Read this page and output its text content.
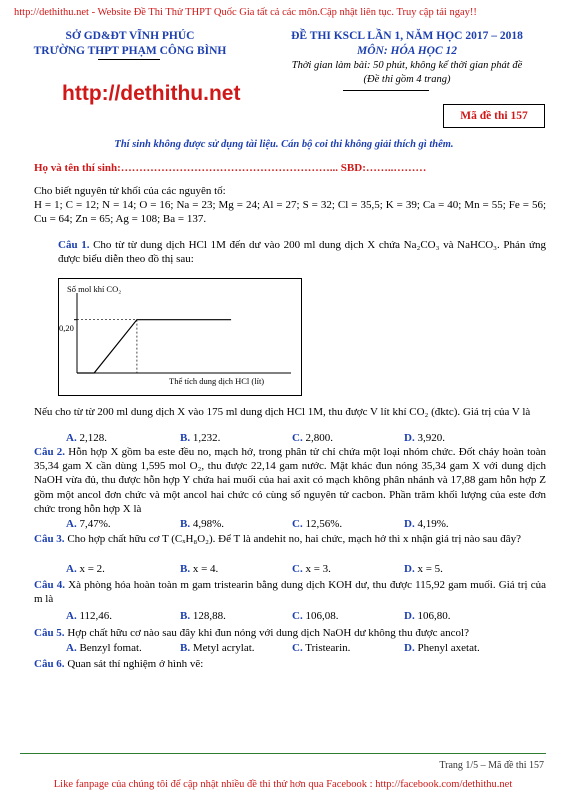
http://dethithu.net - Website Đề Thi Thử THPT Quốc Gia tất cả các môn.Cập nhật liên tục. Truy cập tải ngay!!
SỞ GD&ĐT VĨNH PHÚC
TRƯỜNG THPT PHẠM CÔNG BÌNH
ĐỀ THI KSCL LẦN 1, NĂM HỌC 2017 – 2018
MÔN: HÓA HỌC 12
Thời gian làm bài: 50 phút, không kể thời gian phát đề
(Đề thi gồm 4 trang)
http://dethithu.net
Mã đề thi 157
Thí sinh không được sử dụng tài liệu. Cán bộ coi thi không giải thích gì thêm.
Họ và tên thí sinh:…………………………………………………... SBD:……..………
Cho biết nguyên tử khối của các nguyên tố:
H = 1; C = 12; N = 14; O = 16; Na = 23; Mg = 24; Al = 27; S = 32; Cl = 35,5; K = 39; Ca = 40; Mn = 55; Fe = 56; Cu = 64; Zn = 65; Ag = 108; Ba = 137.
Câu 1. Cho từ từ dung dịch HCl 1M đến dư vào 200 ml dung dịch X chứa Na₂CO₃ và NaHCO₃. Phản ứng được biểu diễn theo đồ thị sau:
Số mol khí CO₂
Thể tích dung dịch HCl (lít)
0,20
Nếu cho từ từ 200 ml dung dịch X vào 175 ml dung dịch HCl 1M, thu được V lít khí CO₂ (đktc). Giá trị của V là
A. 2,128.	B. 1,232.	C. 2,800.	D. 3,920.
Câu 2. Hỗn hợp X gồm ba este đều no, mạch hở, trong phân tử chỉ chứa một loại nhóm chức. Đốt cháy hoàn toàn 35,34 gam X cần dùng 1,595 mol O₂, thu được 22,14 gam nước. Mặt khác đun nóng 35,34 gam X với dung dịch NaOH vừa đủ, thu được hỗn hợp Y chứa hai muối của hai axit có mạch không phân nhánh và 17,88 gam hỗn hợp Z gồm một ancol đơn chức và một ancol hai chức có cùng số nguyên tử cacbon. Phần trăm khối lượng của este đơn chức trong hỗn hợp X là
A. 7,47%.	B. 4,98%.	C. 12,56%.	D. 4,19%.
Câu 3. Cho hợp chất hữu cơ T (CₓH₈O₂). Để T là andehit no, hai chức, mạch hở thì x nhận giá trị nào sau đây?
A. x = 2.	B. x = 4.	C. x = 3.	D. x = 5.
Câu 4. Xà phòng hóa hoàn toàn m gam tristearin bằng dung dịch KOH dư, thu được 115,92 gam muối. Giá trị của m là
A. 112,46.	B. 128,88.	C. 106,08.	D. 106,80.
Câu 5. Hợp chất hữu cơ nào sau đây khi đun nóng với dung dịch NaOH dư không thu được ancol?
A. Benzyl fomat.	B. Metyl acrylat.	C. Tristearin.	D. Phenyl axetat.
Câu 6. Quan sát thí nghiệm ở hình vẽ:
Trang 1/5 – Mã đề thi 157
Like fanpage của chúng tôi để cập nhật nhiều đề thi thử hơn qua Facebook : http://facebook.com/dethithu.net
